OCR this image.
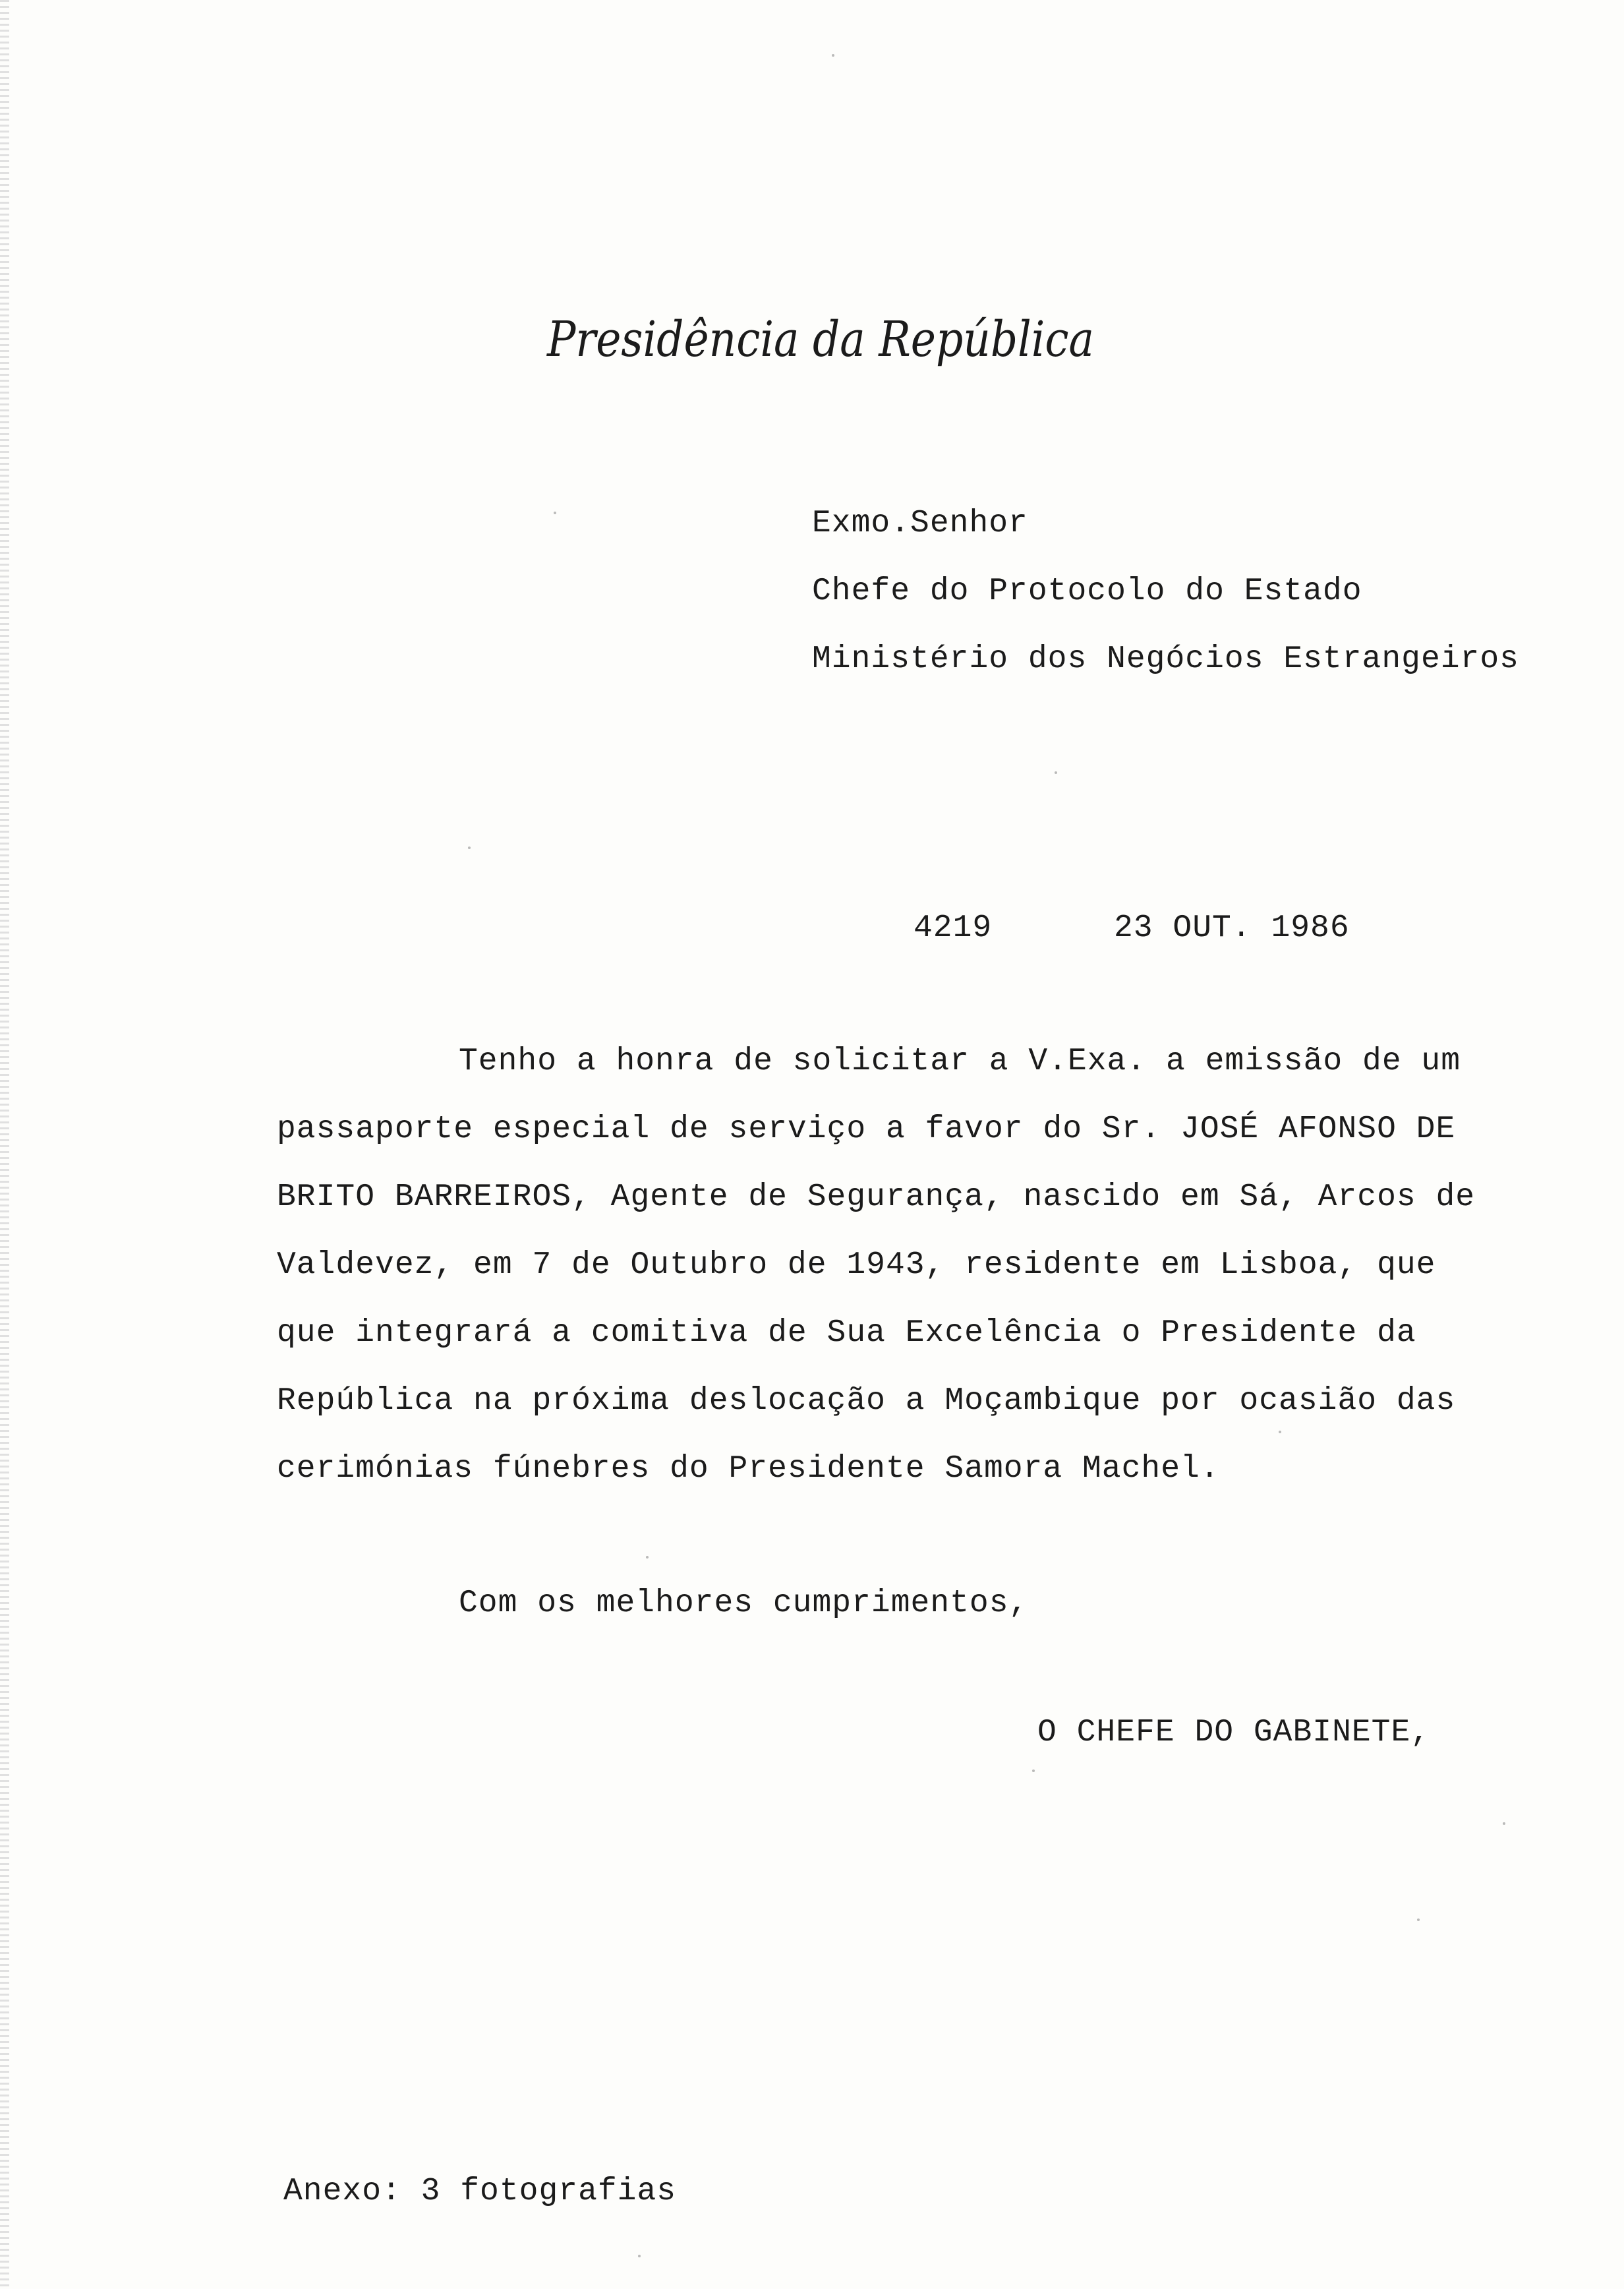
Presidência da República
Exmo.Senhor
Chefe do Protocolo do Estado
Ministério dos Negócios Estrangeiros
4219	23 OUT. 1986
Tenho a honra de solicitar a V.Exa. a emissão de um
passaporte especial de serviço a favor do Sr. JOSÉ AFONSO DE
BRITO BARREIROS, Agente de Segurança, nascido em Sá, Arcos de
Valdevez, em 7 de Outubro de 1943, residente em Lisboa, que
que integrará a comitiva de Sua Excelência o Presidente da
República na próxima deslocação a Moçambique por ocasião das
cerimónias fúnebres do Presidente Samora Machel.
Com os melhores cumprimentos,
O CHEFE DO GABINETE,
Anexo: 3 fotografias
